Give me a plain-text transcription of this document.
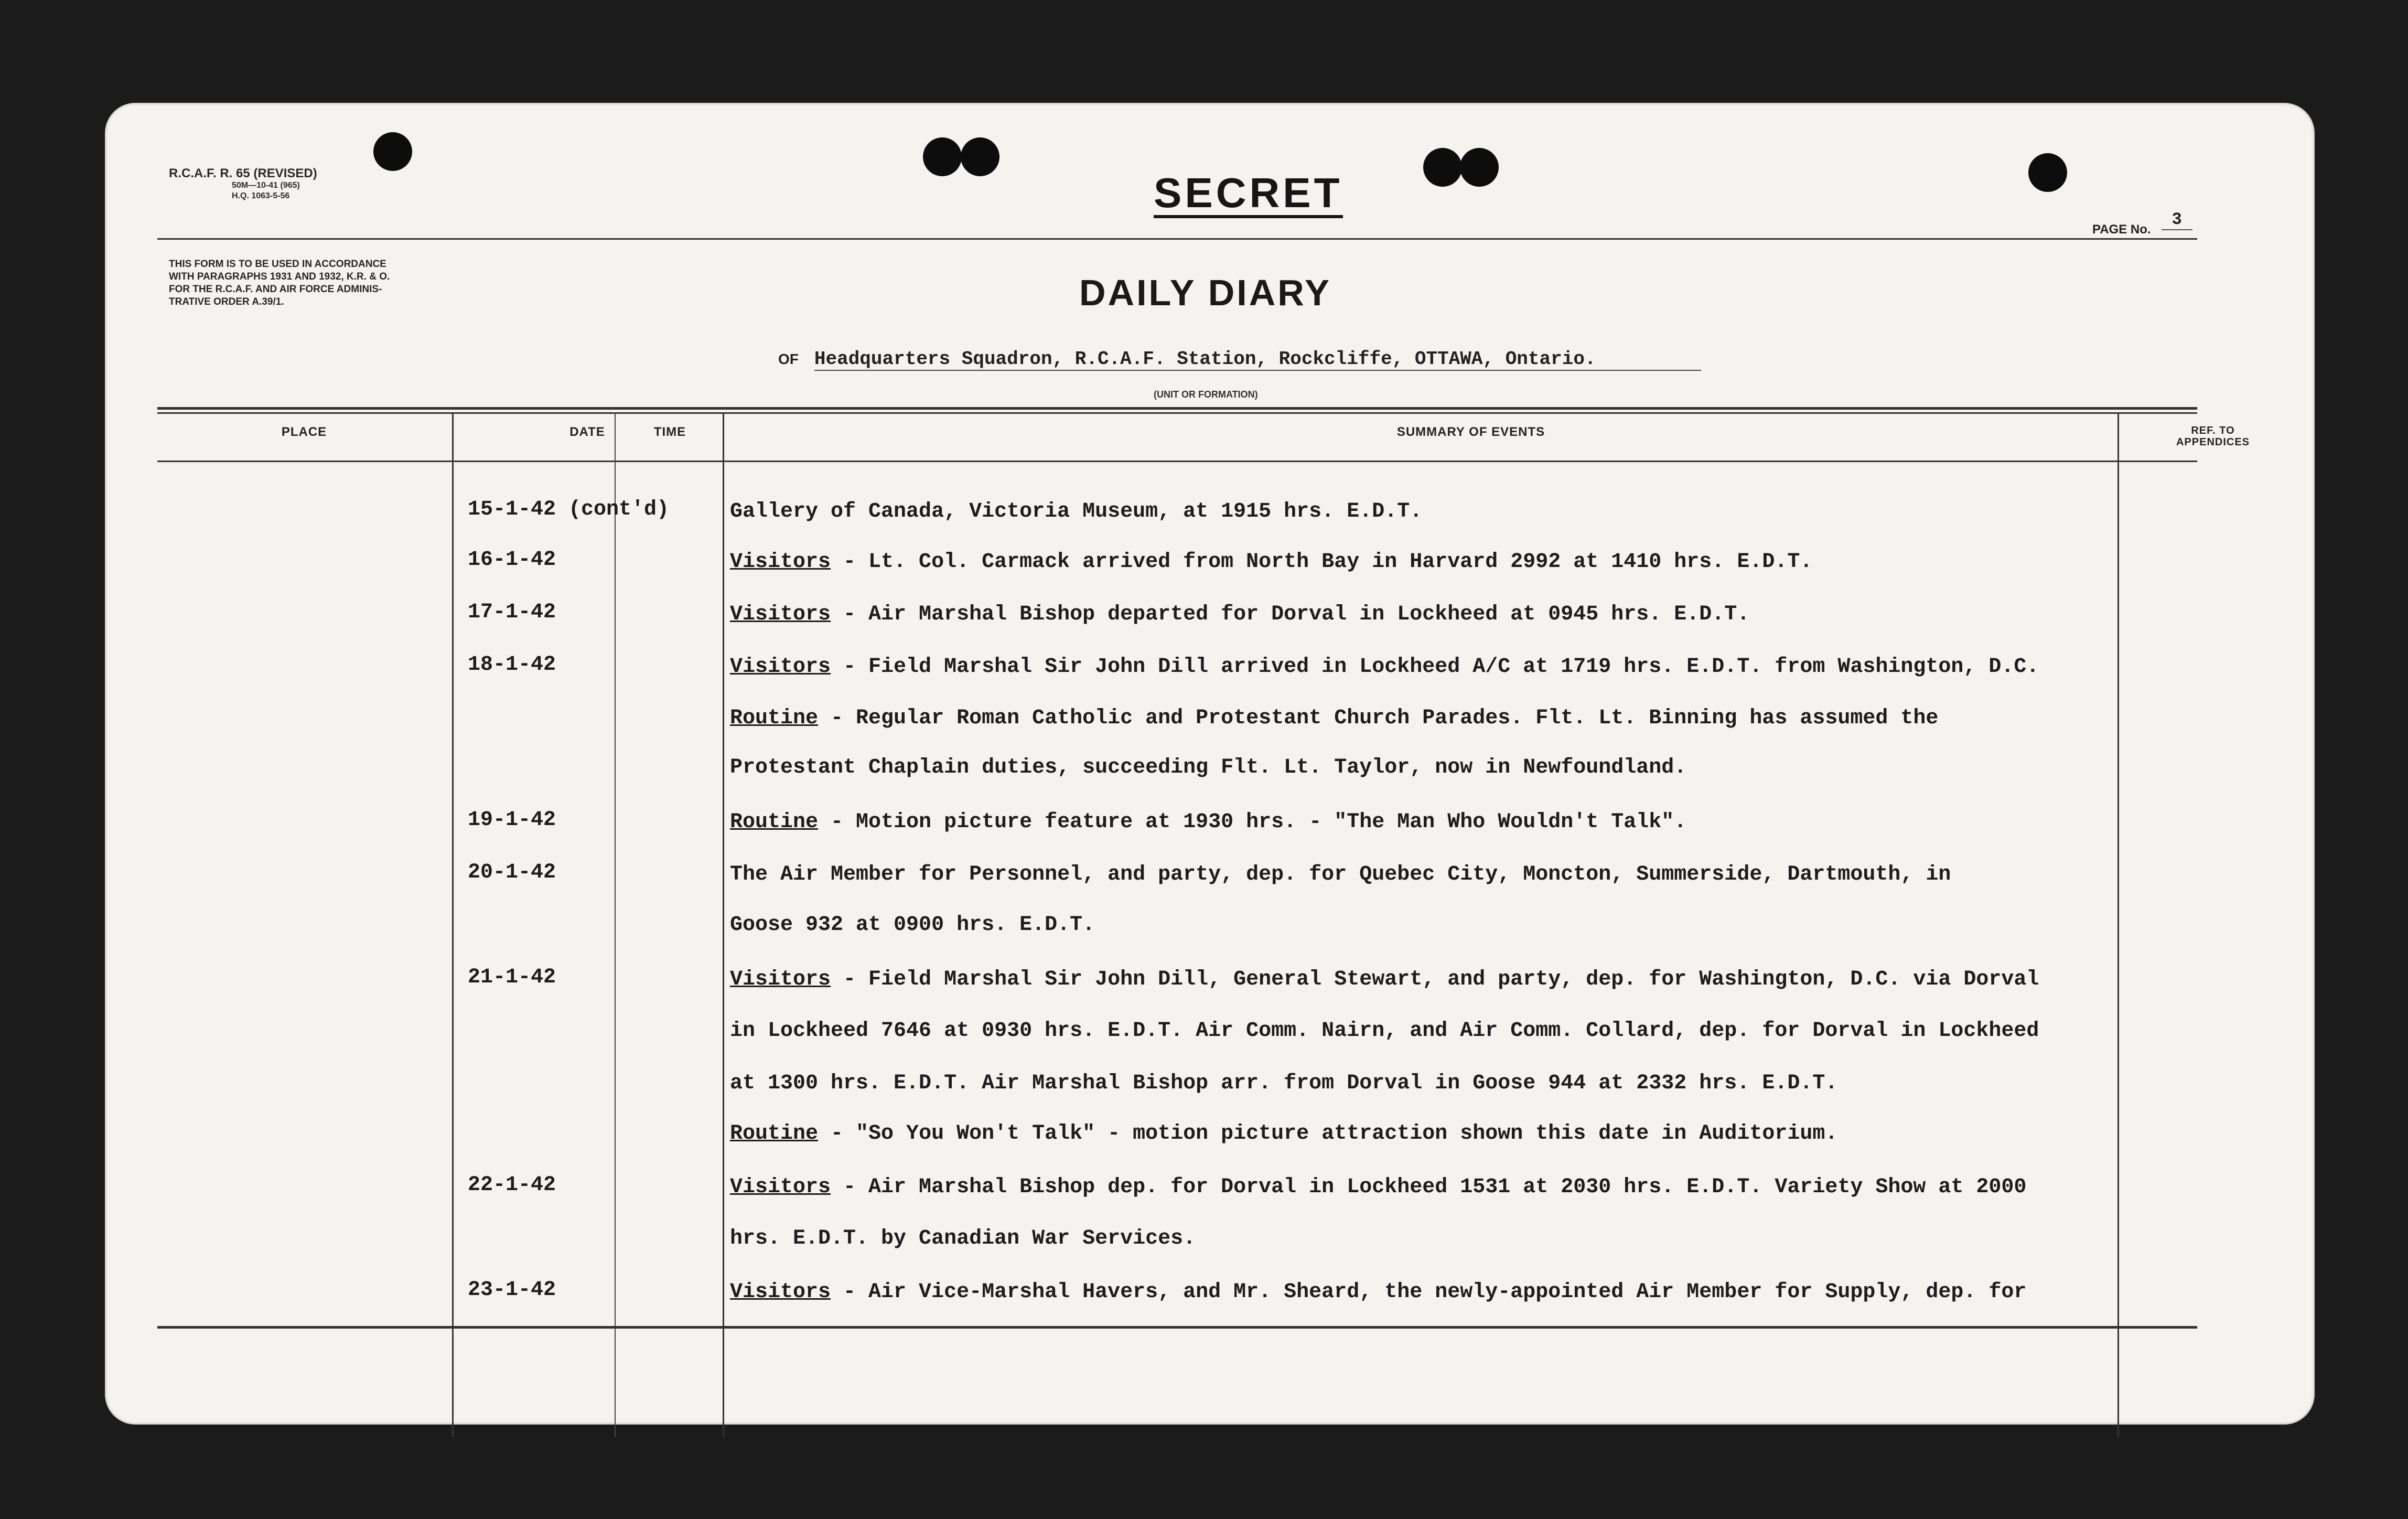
R.C.A.F. R. 65 (REVISED)
50M—10-41 (965)
H.Q. 1063-5-56	SECRET
PAGE No.3
THIS FORM IS TO BE USED IN ACCORDANCE
WITH PARAGRAPHS 1931 AND 1932, K.R. & O.
FOR THE R.C.A.F. AND AIR FORCE ADMINIS-
TRATIVE ORDER A.39/1.	DAILY DIARY
OF Headquarters Squadron, R.C.A.F. Station, Rockcliffe, OTTAWA, Ontario.
(UNIT OR FORMATION)
PLACE	DATE	TIME	SUMMARY OF EVENTS	REF. TO
APPENDICES
15-1-42 (cont'd)	Gallery of Canada, Victoria Museum, at 1915 hrs. E.D.T.
16-1-42	Visitors - Lt. Col. Carmack arrived from North Bay in Harvard 2992 at 1410 hrs. E.D.T.
17-1-42	Visitors - Air Marshal Bishop departed for Dorval in Lockheed at 0945 hrs. E.D.T.
18-1-42	Visitors - Field Marshal Sir John Dill arrived in Lockheed A/C at 1719 hrs. E.D.T. from Washington, D.C.
Routine - Regular Roman Catholic and Protestant Church Parades. Flt. Lt. Binning has assumed the
Protestant Chaplain duties, succeeding Flt. Lt. Taylor, now in Newfoundland.
19-1-42	Routine - Motion picture feature at 1930 hrs. - "The Man Who Wouldn't Talk".
20-1-42	The Air Member for Personnel, and party, dep. for Quebec City, Moncton, Summerside, Dartmouth, in
Goose 932 at 0900 hrs. E.D.T.
21-1-42	Visitors - Field Marshal Sir John Dill, General Stewart, and party, dep. for Washington, D.C. via Dorval
in Lockheed 7646 at 0930 hrs. E.D.T. Air Comm. Nairn, and Air Comm. Collard, dep. for Dorval in Lockheed
at 1300 hrs. E.D.T. Air Marshal Bishop arr. from Dorval in Goose 944 at 2332 hrs. E.D.T.
Routine - "So You Won't Talk" - motion picture attraction shown this date in Auditorium.
22-1-42	Visitors - Air Marshal Bishop dep. for Dorval in Lockheed 1531 at 2030 hrs. E.D.T. Variety Show at 2000
hrs. E.D.T. by Canadian War Services.
23-1-42	Visitors - Air Vice-Marshal Havers, and Mr. Sheard, the newly-appointed Air Member for Supply, dep. for
